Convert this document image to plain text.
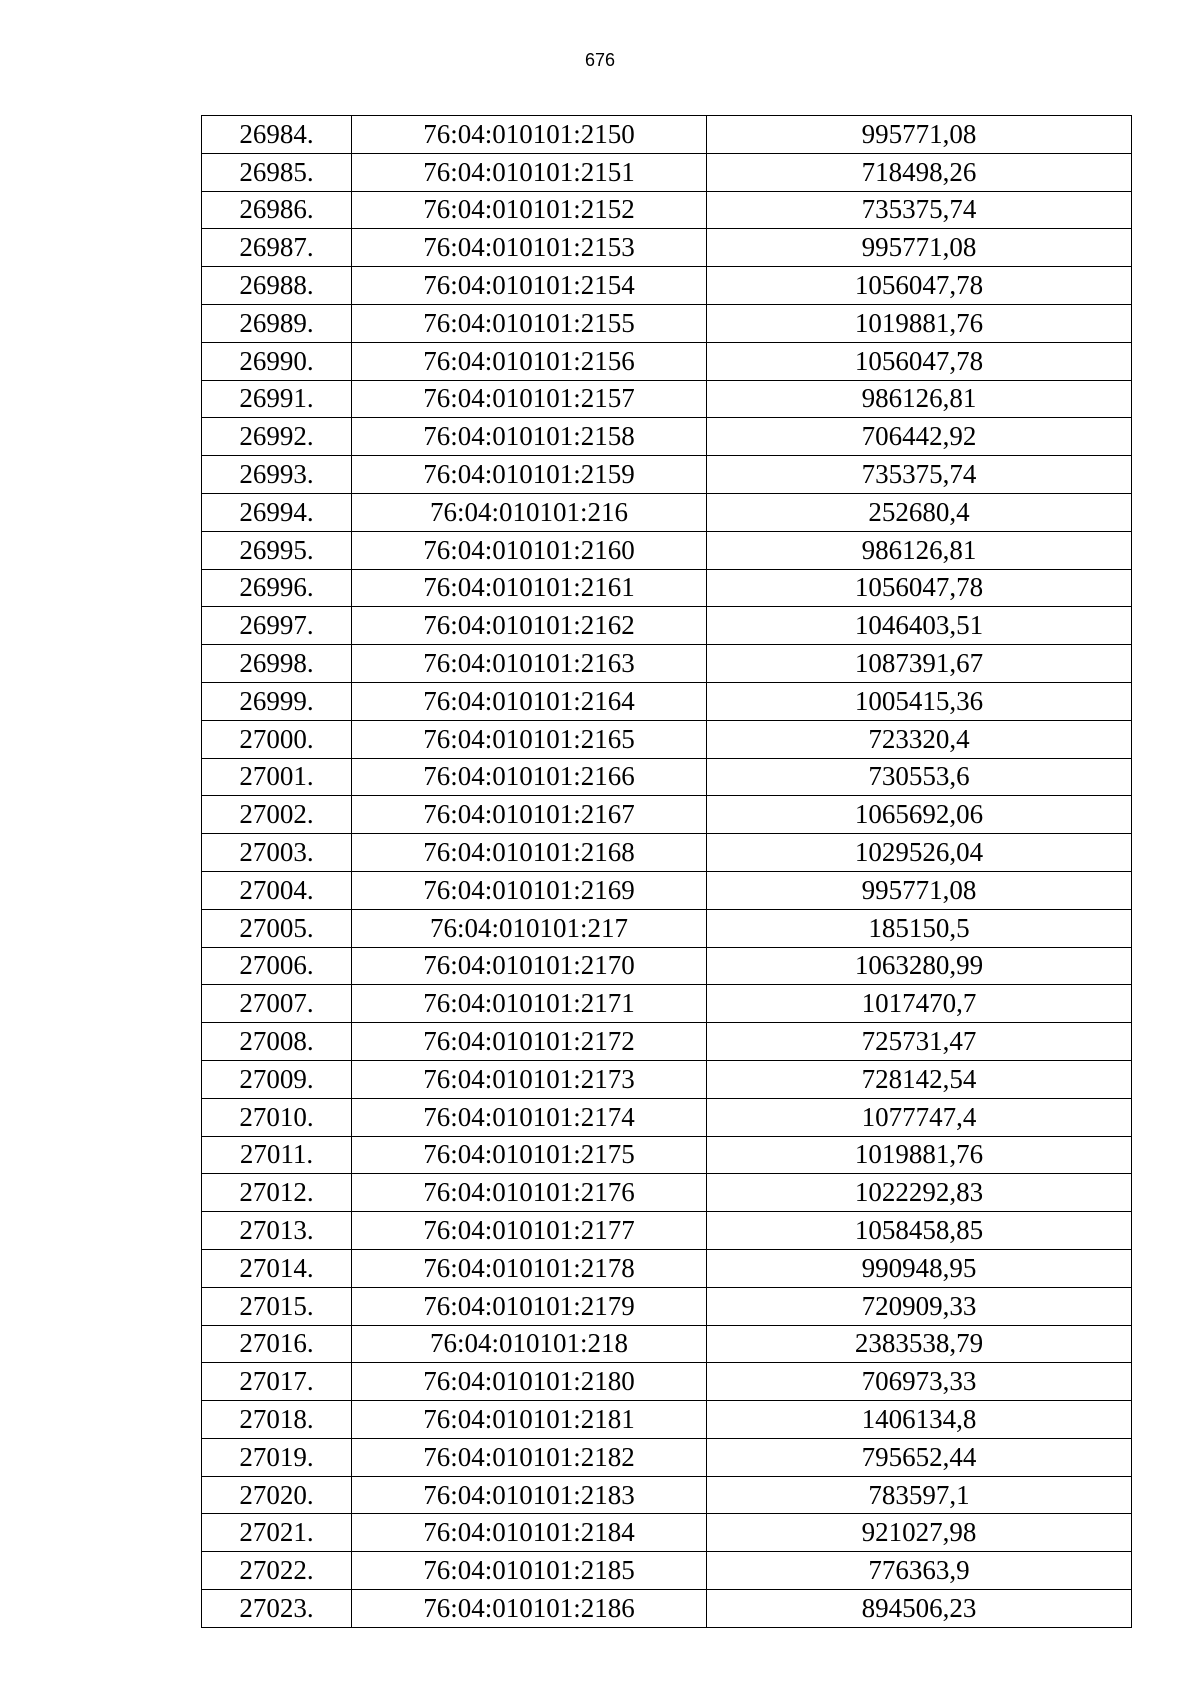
676
26984.	76:04:010101:2150	995771,08
26985.	76:04:010101:2151	718498,26
26986.	76:04:010101:2152	735375,74
26987.	76:04:010101:2153	995771,08
26988.	76:04:010101:2154	1056047,78
26989.	76:04:010101:2155	1019881,76
26990.	76:04:010101:2156	1056047,78
26991.	76:04:010101:2157	986126,81
26992.	76:04:010101:2158	706442,92
26993.	76:04:010101:2159	735375,74
26994.	76:04:010101:216	252680,4
26995.	76:04:010101:2160	986126,81
26996.	76:04:010101:2161	1056047,78
26997.	76:04:010101:2162	1046403,51
26998.	76:04:010101:2163	1087391,67
26999.	76:04:010101:2164	1005415,36
27000.	76:04:010101:2165	723320,4
27001.	76:04:010101:2166	730553,6
27002.	76:04:010101:2167	1065692,06
27003.	76:04:010101:2168	1029526,04
27004.	76:04:010101:2169	995771,08
27005.	76:04:010101:217	185150,5
27006.	76:04:010101:2170	1063280,99
27007.	76:04:010101:2171	1017470,7
27008.	76:04:010101:2172	725731,47
27009.	76:04:010101:2173	728142,54
27010.	76:04:010101:2174	1077747,4
27011.	76:04:010101:2175	1019881,76
27012.	76:04:010101:2176	1022292,83
27013.	76:04:010101:2177	1058458,85
27014.	76:04:010101:2178	990948,95
27015.	76:04:010101:2179	720909,33
27016.	76:04:010101:218	2383538,79
27017.	76:04:010101:2180	706973,33
27018.	76:04:010101:2181	1406134,8
27019.	76:04:010101:2182	795652,44
27020.	76:04:010101:2183	783597,1
27021.	76:04:010101:2184	921027,98
27022.	76:04:010101:2185	776363,9
27023.	76:04:010101:2186	894506,23
